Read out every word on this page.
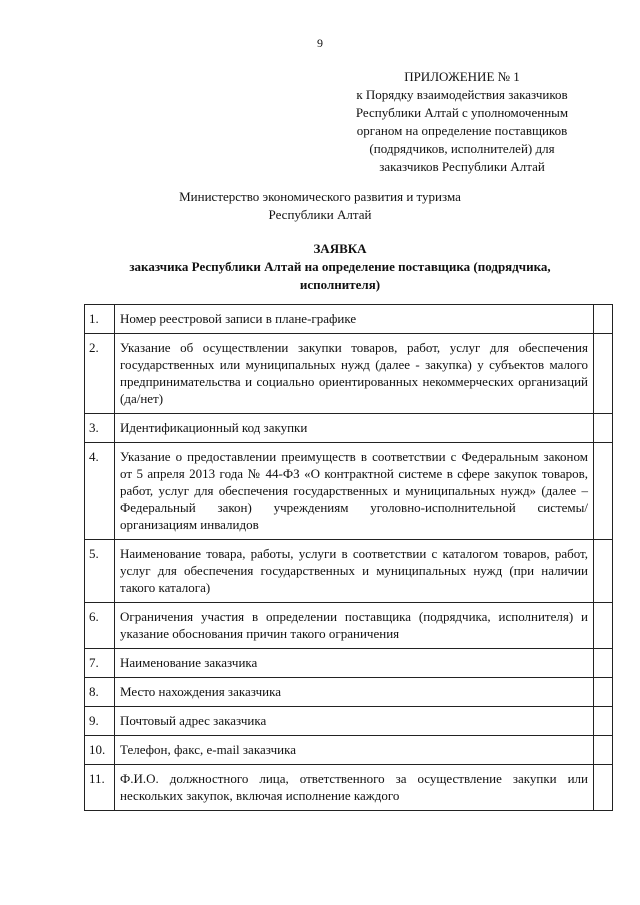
9
ПРИЛОЖЕНИЕ № 1
к Порядку взаимодействия заказчиков
Республики Алтай с уполномоченным
органом на определение поставщиков
(подрядчиков, исполнителей) для
заказчиков Республики Алтай
Министерство экономического развития и туризма
Республики Алтай
ЗАЯВКА
заказчика Республики Алтай на определение поставщика (подрядчика,
исполнителя)
1.	Номер реестровой записи в плане-графике	
2.	Указание об осуществлении закупки товаров, работ, услуг для обеспечения государственных или муниципальных нужд (далее - закупка) у субъектов малого предпринимательства и социально ориентированных некоммерческих организаций (да/нет)	
3.	Идентификационный код закупки	
4.	Указание о предоставлении преимуществ в соответствии с Федеральным законом от 5 апреля 2013 года № 44-ФЗ «О контрактной системе в сфере закупок товаров, работ, услуг для обеспечения государственных и муниципальных нужд» (далее – Федеральный закон) учреждениям уголовно-исполнительной системы/организациям инвалидов	
5.	Наименование товара, работы, услуги в соответствии с каталогом товаров, работ, услуг для обеспечения государственных и муниципальных нужд (при наличии такого каталога)	
6.	Ограничения участия в определении поставщика (подрядчика, исполнителя) и указание обоснования причин такого ограничения	
7.	Наименование заказчика	
8.	Место нахождения заказчика	
9.	Почтовый адрес заказчика	
10.	Телефон, факс, e-mail заказчика	
11.	Ф.И.О. должностного лица, ответственного за осуществление закупки или нескольких закупок, включая исполнение каждого	
